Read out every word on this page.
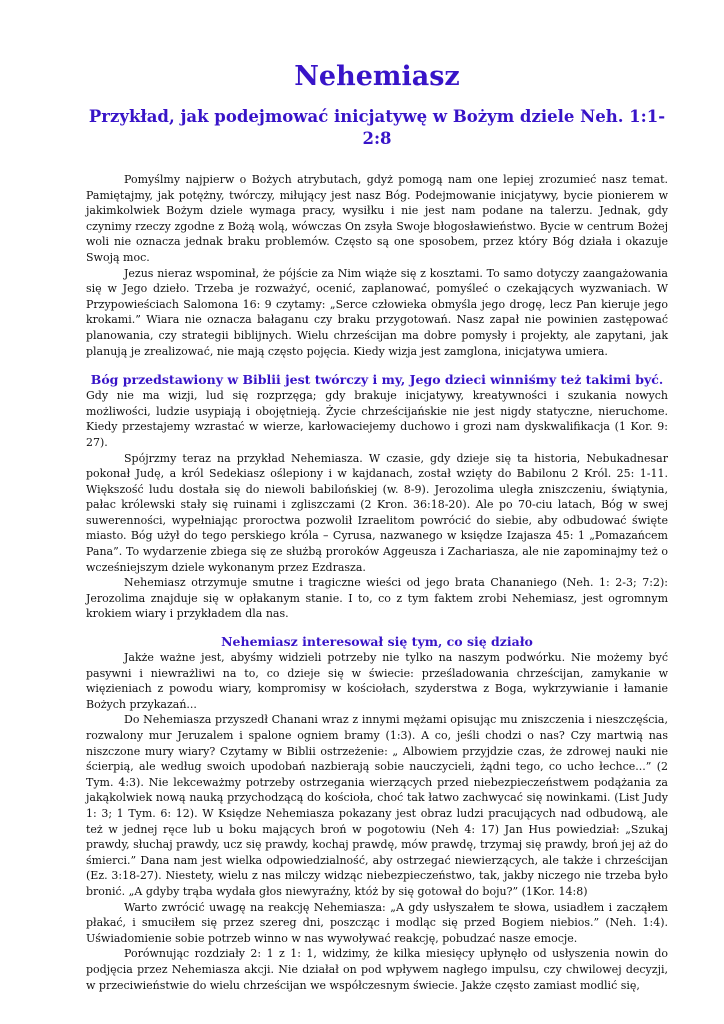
Nehemiasz
Przykład, jak podejmować inicjatywę w Bożym dziele Neh. 1:1-2:8

Pomyślmy najpierw o Bożych atrybutach, gdyż pomogą nam one lepiej zrozumieć nasz temat. Pamiętajmy, jak potężny, twórczy, miłujący jest nasz Bóg. Podejmowanie inicjatywy, bycie pionierem w jakimkolwiek Bożym dziele wymaga pracy, wysiłku i nie jest nam podane na talerzu. Jednak, gdy czynimy rzeczy zgodne z Bożą wolą, wówczas On zsyła Swoje błogosławieństwo. Bycie w centrum Bożej woli nie oznacza jednak braku problemów. Często są one sposobem, przez który Bóg działa i okazuje Swoją moc.

Jezus nieraz wspominał, że pójście za Nim wiąże się z kosztami. To samo dotyczy zaangażowania się w Jego dzieło. Trzeba je rozważyć, ocenić, zaplanować, pomyśleć o czekających wyzwaniach. W Przypowieściach Salomona 16: 9 czytamy: „Serce człowieka obmyśla jego drogę, lecz Pan kieruje jego krokami.” Wiara nie oznacza bałaganu czy braku przygotowań. Nasz zapał nie powinien zastępować planowania, czy strategii biblijnych. Wielu chrześcijan ma dobre pomysły i projekty, ale zapytani, jak planują je zrealizować, nie mają często pojęcia. Kiedy wizja jest zamglona, inicjatywa umiera.

Bóg przedstawiony w Biblii jest twórczy i my, Jego dzieci winniśmy też takimi być.

Gdy nie ma wizji, lud się rozprzęga; gdy brakuje inicjatywy, kreatywności i szukania nowych możliwości, ludzie usypiają i obojętnieją. Życie chrześcijańskie nie jest nigdy statyczne, nieruchome. Kiedy przestajemy wzrastać w wierze, karłowaciejemy duchowo i grozi nam dyskwalifikacja (1 Kor. 9: 27).

Spójrzmy teraz na przykład Nehemiasza. W czasie, gdy dzieje się ta historia, Nebukadnesar pokonał Judę, a król Sedekiasz oślepiony i w kajdanach, został wzięty do Babilonu 2 Król. 25: 1-11. Większość ludu dostała się do niewoli babilońskiej (w. 8-9). Jerozolima uległa zniszczeniu, świątynia, pałac królewski stały się ruinami i zgliszczami (2 Kron. 36:18-20). Ale po 70-ciu latach, Bóg w swej suwerenności, wypełniając proroctwa pozwolił Izraelitom powrócić do siebie, aby odbudować święte miasto. Bóg użył do tego perskiego króla – Cyrusa, nazwanego w księdze Izajasza 45: 1 „Pomazańcem Pana”. To wydarzenie zbiega się ze służbą proroków Aggeusza i Zachariasza, ale nie zapominajmy też o wcześniejszym dziele wykonanym przez Ezdrasza.

Nehemiasz otrzymuje smutne i tragiczne wieści od jego brata Chananiego (Neh. 1: 2-3; 7:2): Jerozolima znajduje się w opłakanym stanie. I to, co z tym faktem zrobi Nehemiasz, jest ogromnym krokiem wiary i przykładem dla nas.

Nehemiasz interesował się tym, co się działo

Jakże ważne jest, abyśmy widzieli potrzeby nie tylko na naszym podwórku. Nie możemy być pasywni i niewrażliwi na to, co dzieje się w świecie: prześladowania chrześcijan, zamykanie w więzieniach z powodu wiary, kompromisy w kościołach, szyderstwa z Boga, wykrzywianie i łamanie Bożych przykazań...

Do Nehemiasza przyszedł Chanani wraz z innymi mężami opisując mu zniszczenia i nieszczęścia, rozwalony mur Jeruzalem i spalone ogniem bramy (1:3). A co, jeśli chodzi o nas? Czy martwią nas niszczone mury wiary? Czytamy w Biblii ostrzeżenie: „ Albowiem przyjdzie czas, że zdrowej nauki nie ścierpią, ale według swoich upodobań nazbierają sobie nauczycieli, żądni tego, co ucho łechce...” (2 Tym. 4:3). Nie lekceważmy potrzeby ostrzegania wierzących przed niebezpieczeństwem podążania za jakąkolwiek nową nauką przychodzącą do kościoła, choć tak łatwo zachwycać się nowinkami. (List Judy 1: 3; 1 Tym. 6: 12). W Księdze Nehemiasza pokazany jest obraz ludzi pracujących nad odbudową, ale też w jednej ręce lub u boku mających broń w pogotowiu (Neh 4: 17) Jan Hus powiedział: „Szukaj prawdy, słuchaj prawdy, ucz się prawdy, kochaj prawdę, mów prawdę, trzymaj się prawdy, broń jej aż do śmierci.” Dana nam jest wielka odpowiedzialność, aby ostrzegać niewierzących, ale także i chrześcijan (Ez. 3:18-27). Niestety, wielu z nas milczy widząc niebezpieczeństwo, tak, jakby niczego nie trzeba było bronić. „A gdyby trąba wydała głos niewyraźny, któż by się gotował do boju?” (1Kor. 14:8)

Warto zwrócić uwagę na reakcję Nehemiasza: „A gdy usłyszałem te słowa, usiadłem i zacząłem płakać, i smuciłem się przez szereg dni, poszcząc i modląc się przed Bogiem niebios.” (Neh. 1:4). Uświadomienie sobie potrzeb winno w nas wywoływać reakcję, pobudzać nasze emocje.

Porównując rozdziały 2: 1 z 1: 1, widzimy, że kilka miesięcy upłynęło od usłyszenia nowin do podjęcia przez Nehemiasza akcji. Nie działał on pod wpływem nagłego impulsu, czy chwilowej decyzji, w przeciwieństwie do wielu chrześcijan we współczesnym świecie. Jakże często zamiast modlić się,
